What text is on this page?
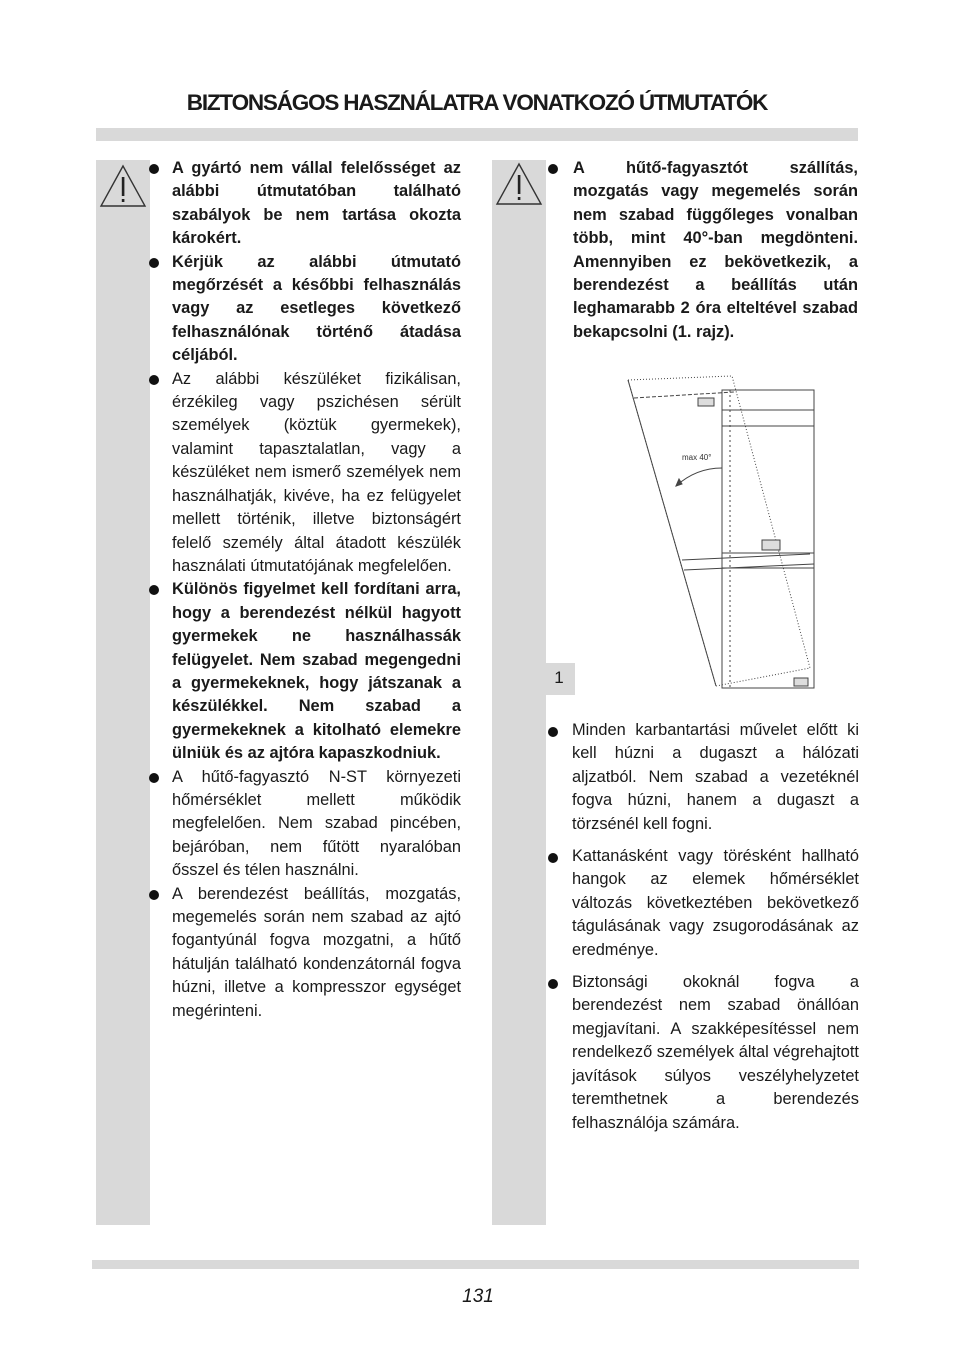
BIZTONSÁGOS HASZNÁLATRA VONATKOZÓ ÚTMUTATÓK
A gyártó nem vállal felelősséget az alábbi útmutatóban található szabályok be nem tartása okozta károkért.
Kérjük az alábbi útmutató megőrzését a későbbi felhasználás vagy az esetleges következő felhasználónak történő átadása céljából.
Az alábbi készüléket fizikálisan, érzékileg vagy pszichésen sérült személyek (köztük gyermekek), valamint tapasztalatlan, vagy a készüléket nem ismerő személyek nem használhatják, kivéve, ha ez felügyelet mellett történik, illetve biztonságért felelő személy által átadott készülék használati útmutatójának megfelelően.
Különös figyelmet kell fordítani arra, hogy a berendezést nélkül hagyott gyermekek ne használhassák felügyelet. Nem szabad megengedni a gyermekeknek, hogy játszanak a készülékkel. Nem szabad a gyermekeknek a kitolható elemekre ülniük és az ajtóra kapaszkodniuk.
A hűtő-fagyasztó N-ST környezeti hőmérséklet mellett működik megfelelően. Nem szabad pincében, bejáróban, nem fűtött nyaralóban ősszel és télen használni.
A berendezést beállítás, mozgatás, megemelés során nem szabad az ajtó fogantyúnál fogva mozgatni, a hűtő hátulján található kondenzátornál fogva húzni, illetve a kompresszor egységet megérinteni.
A hűtő-fagyasztót szállítás, mozgatás vagy megemelés során nem szabad függőleges vonalban több, mint 40°-ban megdönteni. Amennyiben ez bekövetkezik, a berendezést a beállítás után leghamarabb 2 óra elteltével szabad bekapcsolni (1. rajz).
max 40°
1
Minden karbantartási művelet előtt ki kell húzni a dugaszt a hálózati aljzatból. Nem szabad a vezetéknél fogva húzni, hanem a dugaszt a törzsénél kell fogni.
Kattanásként vagy törésként hallható hangok az elemek hőmérséklet változás következtében bekövetkező tágulásának vagy zsugorodásának az eredménye.
Biztonsági okoknál fogva a berendezést nem szabad önállóan megjavítani. A szakképesítéssel nem rendelkező személyek által végrehajtott javítások súlyos veszélyhelyzetet teremthetnek a berendezés felhasználója számára.
131
